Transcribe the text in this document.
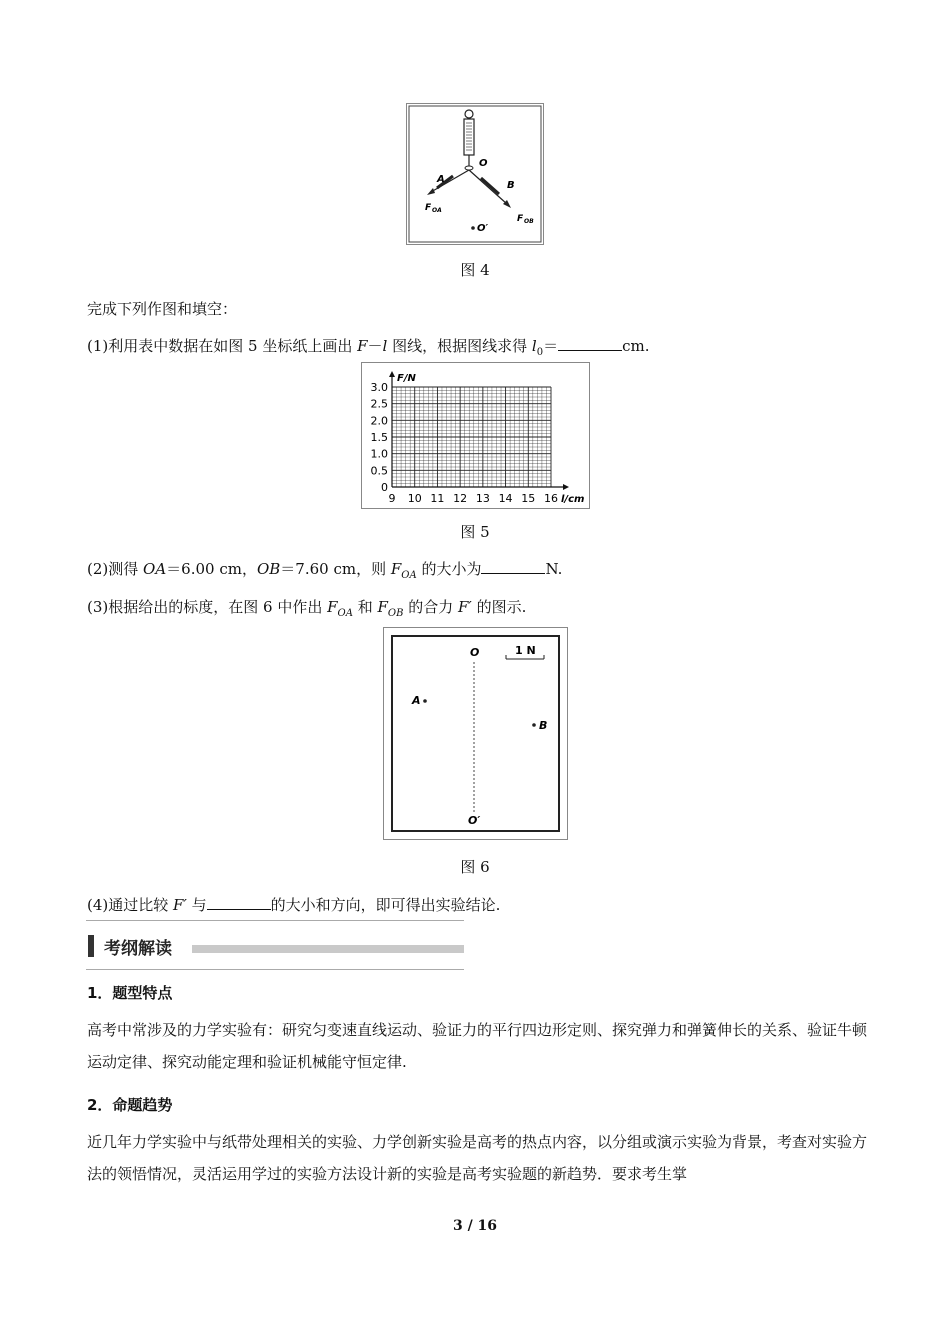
O
A
B
F OA
F OB
O′
图 4
完成下列作图和填空：
(1)利用表中数据在如图 5 坐标纸上画出 F－l 图线，根据图线求得 $l_0=$	cm.
3.0
2.5
2.0
1.5
1.0
0.5
0
9 10 11 12 13 14 15 16
F/N
l/cm
图 5
(2)测得 OA＝6.00 cm，OB＝7.60 cm，则 $F_{OA}$ 的大小为	N.
(3)根据给出的标度，在图 6 中作出 $F_{OA}$ 和 $F_{OB}$ 的合力 F′ 的图示.
O	1 N
A
B
O′
图 6
(4)通过比较 F′ 与	的大小和方向，即可得出实验结论.
考纲解读
1．题型特点
高考中常涉及的力学实验有：研究匀变速直线运动、验证力的平行四边形定则、探究弹力和弹簧伸长的关系、验证牛顿运动定律、探究动能定理和验证机械能守恒定律.
2．命题趋势
近几年力学实验中与纸带处理相关的实验、力学创新实验是高考的热点内容，以分组或演示实验为背景，考查对实验方法的领悟情况，灵活运用学过的实验方法设计新的实验是高考实验题的新趋势．要求考生掌
3 / 16
